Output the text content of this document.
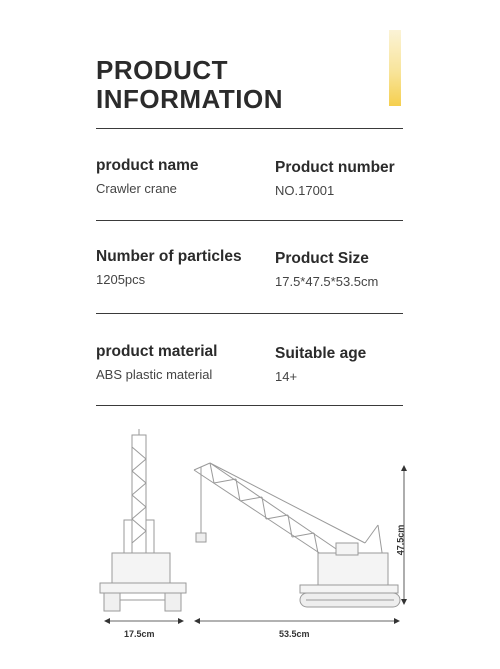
PRODUCT
INFORMATION
product name
Crawler crane
Product number
NO.17001
Number of particles
1205pcs
Product Size
17.5*47.5*53.5cm
product material
ABS plastic material
Suitable age
14+
17.5cm	53.5cm
47.5cm
